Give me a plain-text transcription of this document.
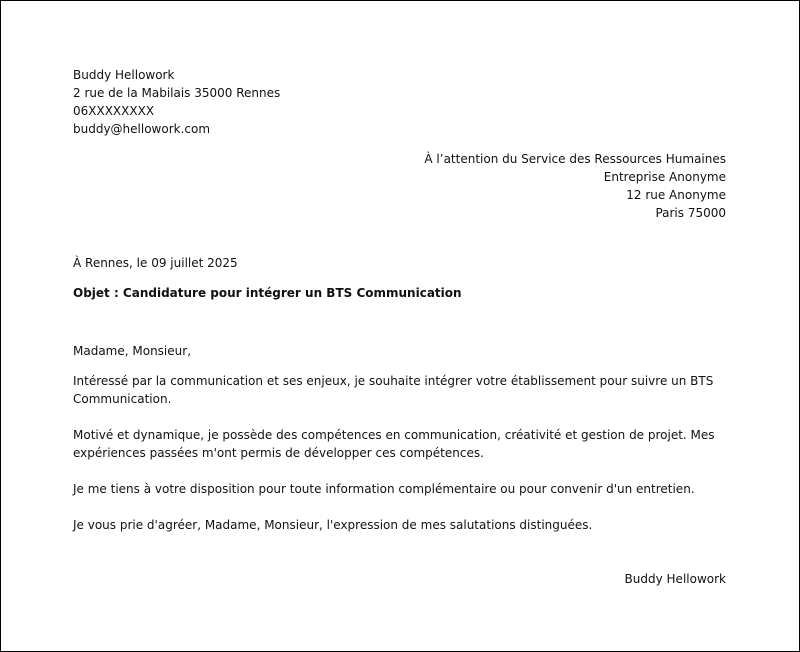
Buddy Hellowork
2 rue de la Mabilais 35000 Rennes
06XXXXXXXX
buddy@hellowork.com
À l’attention du Service des Ressources Humaines
Entreprise Anonyme
12 rue Anonyme
Paris 75000
À Rennes, le 09 juillet 2025
Objet : Candidature pour intégrer un BTS Communication
Madame, Monsieur,
Intéressé par la communication et ses enjeux, je souhaite intégrer votre établissement pour suivre un BTS Communication.
Motivé et dynamique, je possède des compétences en communication, créativité et gestion de projet. Mes expériences passées m'ont permis de développer ces compétences.
Je me tiens à votre disposition pour toute information complémentaire ou pour convenir d'un entretien.
Je vous prie d'agréer, Madame, Monsieur, l'expression de mes salutations distinguées.
Buddy Hellowork
